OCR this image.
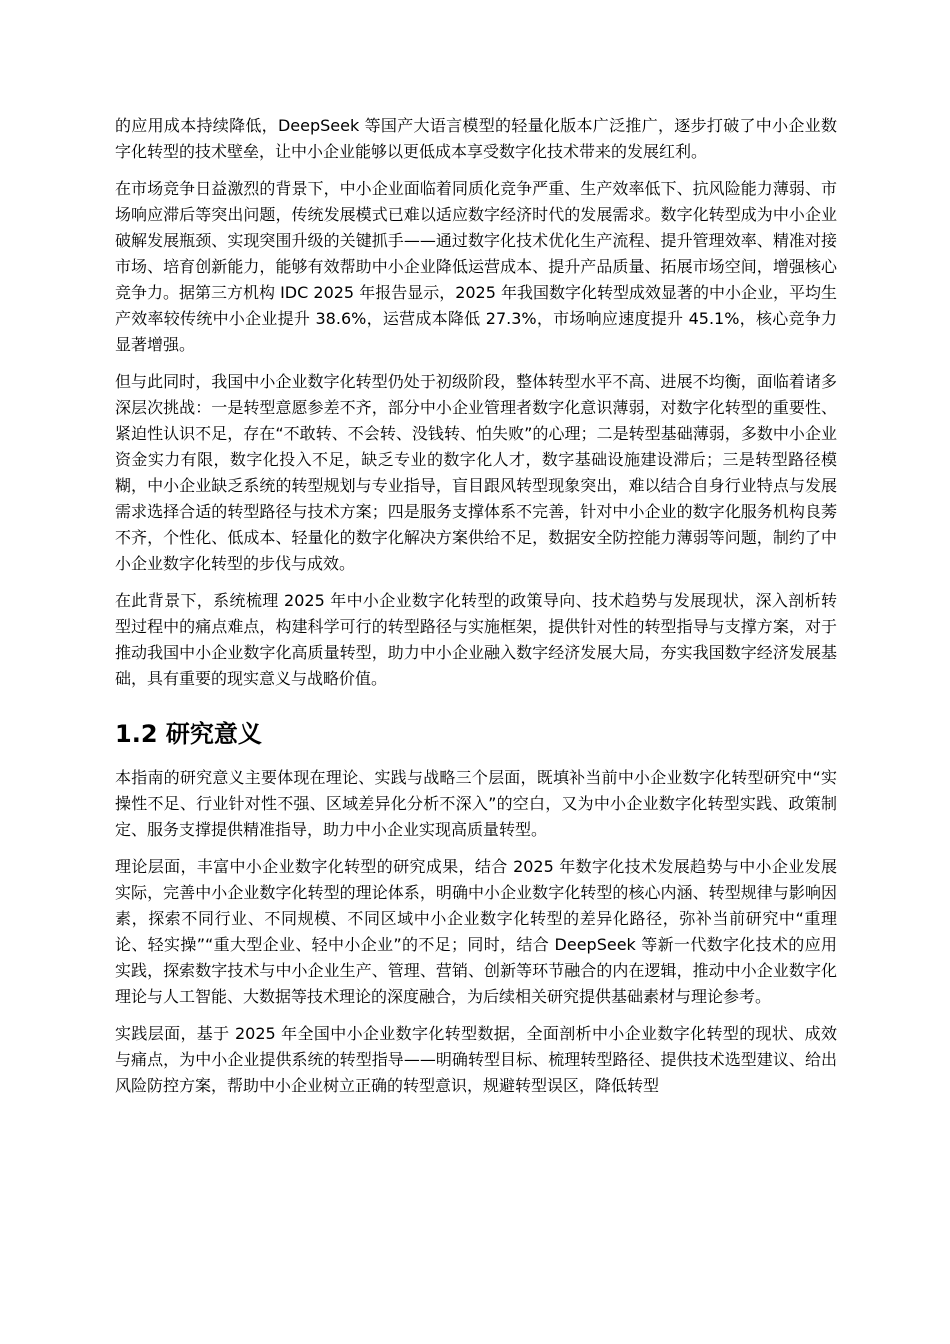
的应用成本持续降低，DeepSeek 等国产大语言模型的轻量化版本广泛推广，逐步打破了中小企业数字化转型的技术壁垒，让中小企业能够以更低成本享受数字化技术带来的发展红利。

在市场竞争日益激烈的背景下，中小企业面临着同质化竞争严重、生产效率低下、抗风险能力薄弱、市场响应滞后等突出问题，传统发展模式已难以适应数字经济时代的发展需求。数字化转型成为中小企业破解发展瓶颈、实现突围升级的关键抓手——通过数字化技术优化生产流程、提升管理效率、精准对接市场、培育创新能力，能够有效帮助中小企业降低运营成本、提升产品质量、拓展市场空间，增强核心竞争力。据第三方机构 IDC 2025 年报告显示，2025 年我国数字化转型成效显著的中小企业，平均生产效率较传统中小企业提升 38.6%，运营成本降低 27.3%，市场响应速度提升 45.1%，核心竞争力显著增强。

但与此同时，我国中小企业数字化转型仍处于初级阶段，整体转型水平不高、进展不均衡，面临着诸多深层次挑战：一是转型意愿参差不齐，部分中小企业管理者数字化意识薄弱，对数字化转型的重要性、紧迫性认识不足，存在“不敢转、不会转、没钱转、怕失败”的心理；二是转型基础薄弱，多数中小企业资金实力有限，数字化投入不足，缺乏专业的数字化人才，数字基础设施建设滞后；三是转型路径模糊，中小企业缺乏系统的转型规划与专业指导，盲目跟风转型现象突出，难以结合自身行业特点与发展需求选择合适的转型路径与技术方案；四是服务支撑体系不完善，针对中小企业的数字化服务机构良莠不齐，个性化、低成本、轻量化的数字化解决方案供给不足，数据安全防控能力薄弱等问题，制约了中小企业数字化转型的步伐与成效。

在此背景下，系统梳理 2025 年中小企业数字化转型的政策导向、技术趋势与发展现状，深入剖析转型过程中的痛点难点，构建科学可行的转型路径与实施框架，提供针对性的转型指导与支撑方案，对于推动我国中小企业数字化高质量转型，助力中小企业融入数字经济发展大局，夯实我国数字经济发展基础，具有重要的现实意义与战略价值。

1.2 研究意义

本指南的研究意义主要体现在理论、实践与战略三个层面，既填补当前中小企业数字化转型研究中“实操性不足、行业针对性不强、区域差异化分析不深入”的空白，又为中小企业数字化转型实践、政策制定、服务支撑提供精准指导，助力中小企业实现高质量转型。

理论层面，丰富中小企业数字化转型的研究成果，结合 2025 年数字化技术发展趋势与中小企业发展实际，完善中小企业数字化转型的理论体系，明确中小企业数字化转型的核心内涵、转型规律与影响因素，探索不同行业、不同规模、不同区域中小企业数字化转型的差异化路径，弥补当前研究中“重理论、轻实操”“重大型企业、轻中小企业”的不足；同时，结合 DeepSeek 等新一代数字化技术的应用实践，探索数字技术与中小企业生产、管理、营销、创新等环节融合的内在逻辑，推动中小企业数字化理论与人工智能、大数据等技术理论的深度融合，为后续相关研究提供基础素材与理论参考。

实践层面，基于 2025 年全国中小企业数字化转型数据，全面剖析中小企业数字化转型的现状、成效与痛点，为中小企业提供系统的转型指导——明确转型目标、梳理转型路径、提供技术选型建议、给出风险防控方案，帮助中小企业树立正确的转型意识，规避转型误区，降低转型
